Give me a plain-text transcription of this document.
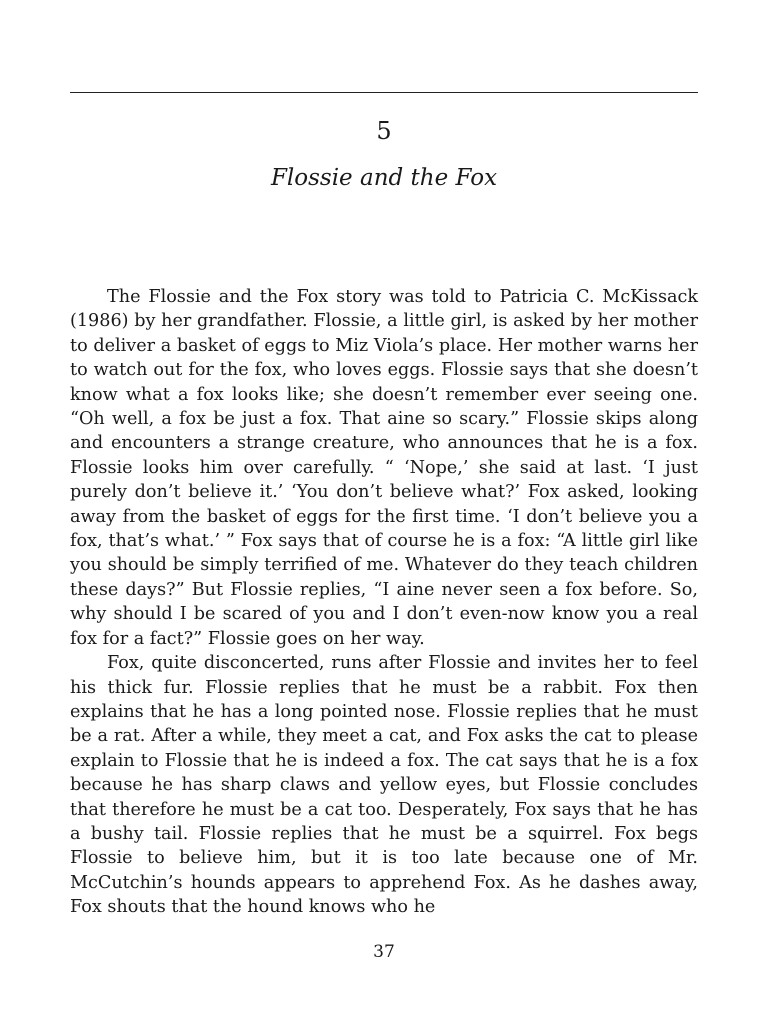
5
Flossie and the Fox

The Flossie and the Fox story was told to Patricia C. McKissack (1986) by her grandfather. Flossie, a little girl, is asked by her mother to deliver a basket of eggs to Miz Viola’s place. Her mother warns her to watch out for the fox, who loves eggs. Flossie says that she doesn’t know what a fox looks like; she doesn’t remember ever seeing one. “Oh well, a fox be just a fox. That aine so scary.” Flossie skips along and encounters a strange creature, who announces that he is a fox. Flossie looks him over carefully. “ ‘Nope,’ she said at last. ‘I just purely don’t believe it.’ ‘You don’t believe what?’ Fox asked, looking away from the basket of eggs for the first time. ‘I don’t believe you a fox, that’s what.’ ” Fox says that of course he is a fox: “A little girl like you should be simply terrified of me. Whatever do they teach children these days?” But Flossie replies, “I aine never seen a fox before. So, why should I be scared of you and I don’t even-now know you a real fox for a fact?” Flossie goes on her way.

Fox, quite disconcerted, runs after Flossie and invites her to feel his thick fur. Flossie replies that he must be a rabbit. Fox then explains that he has a long pointed nose. Flossie replies that he must be a rat. After a while, they meet a cat, and Fox asks the cat to please explain to Flossie that he is indeed a fox. The cat says that he is a fox because he has sharp claws and yellow eyes, but Flossie concludes that therefore he must be a cat too. Desperately, Fox says that he has a bushy tail. Flossie replies that he must be a squirrel. Fox begs Flossie to believe him, but it is too late because one of Mr. McCutchin’s hounds appears to apprehend Fox. As he dashes away, Fox shouts that the hound knows who he

37
